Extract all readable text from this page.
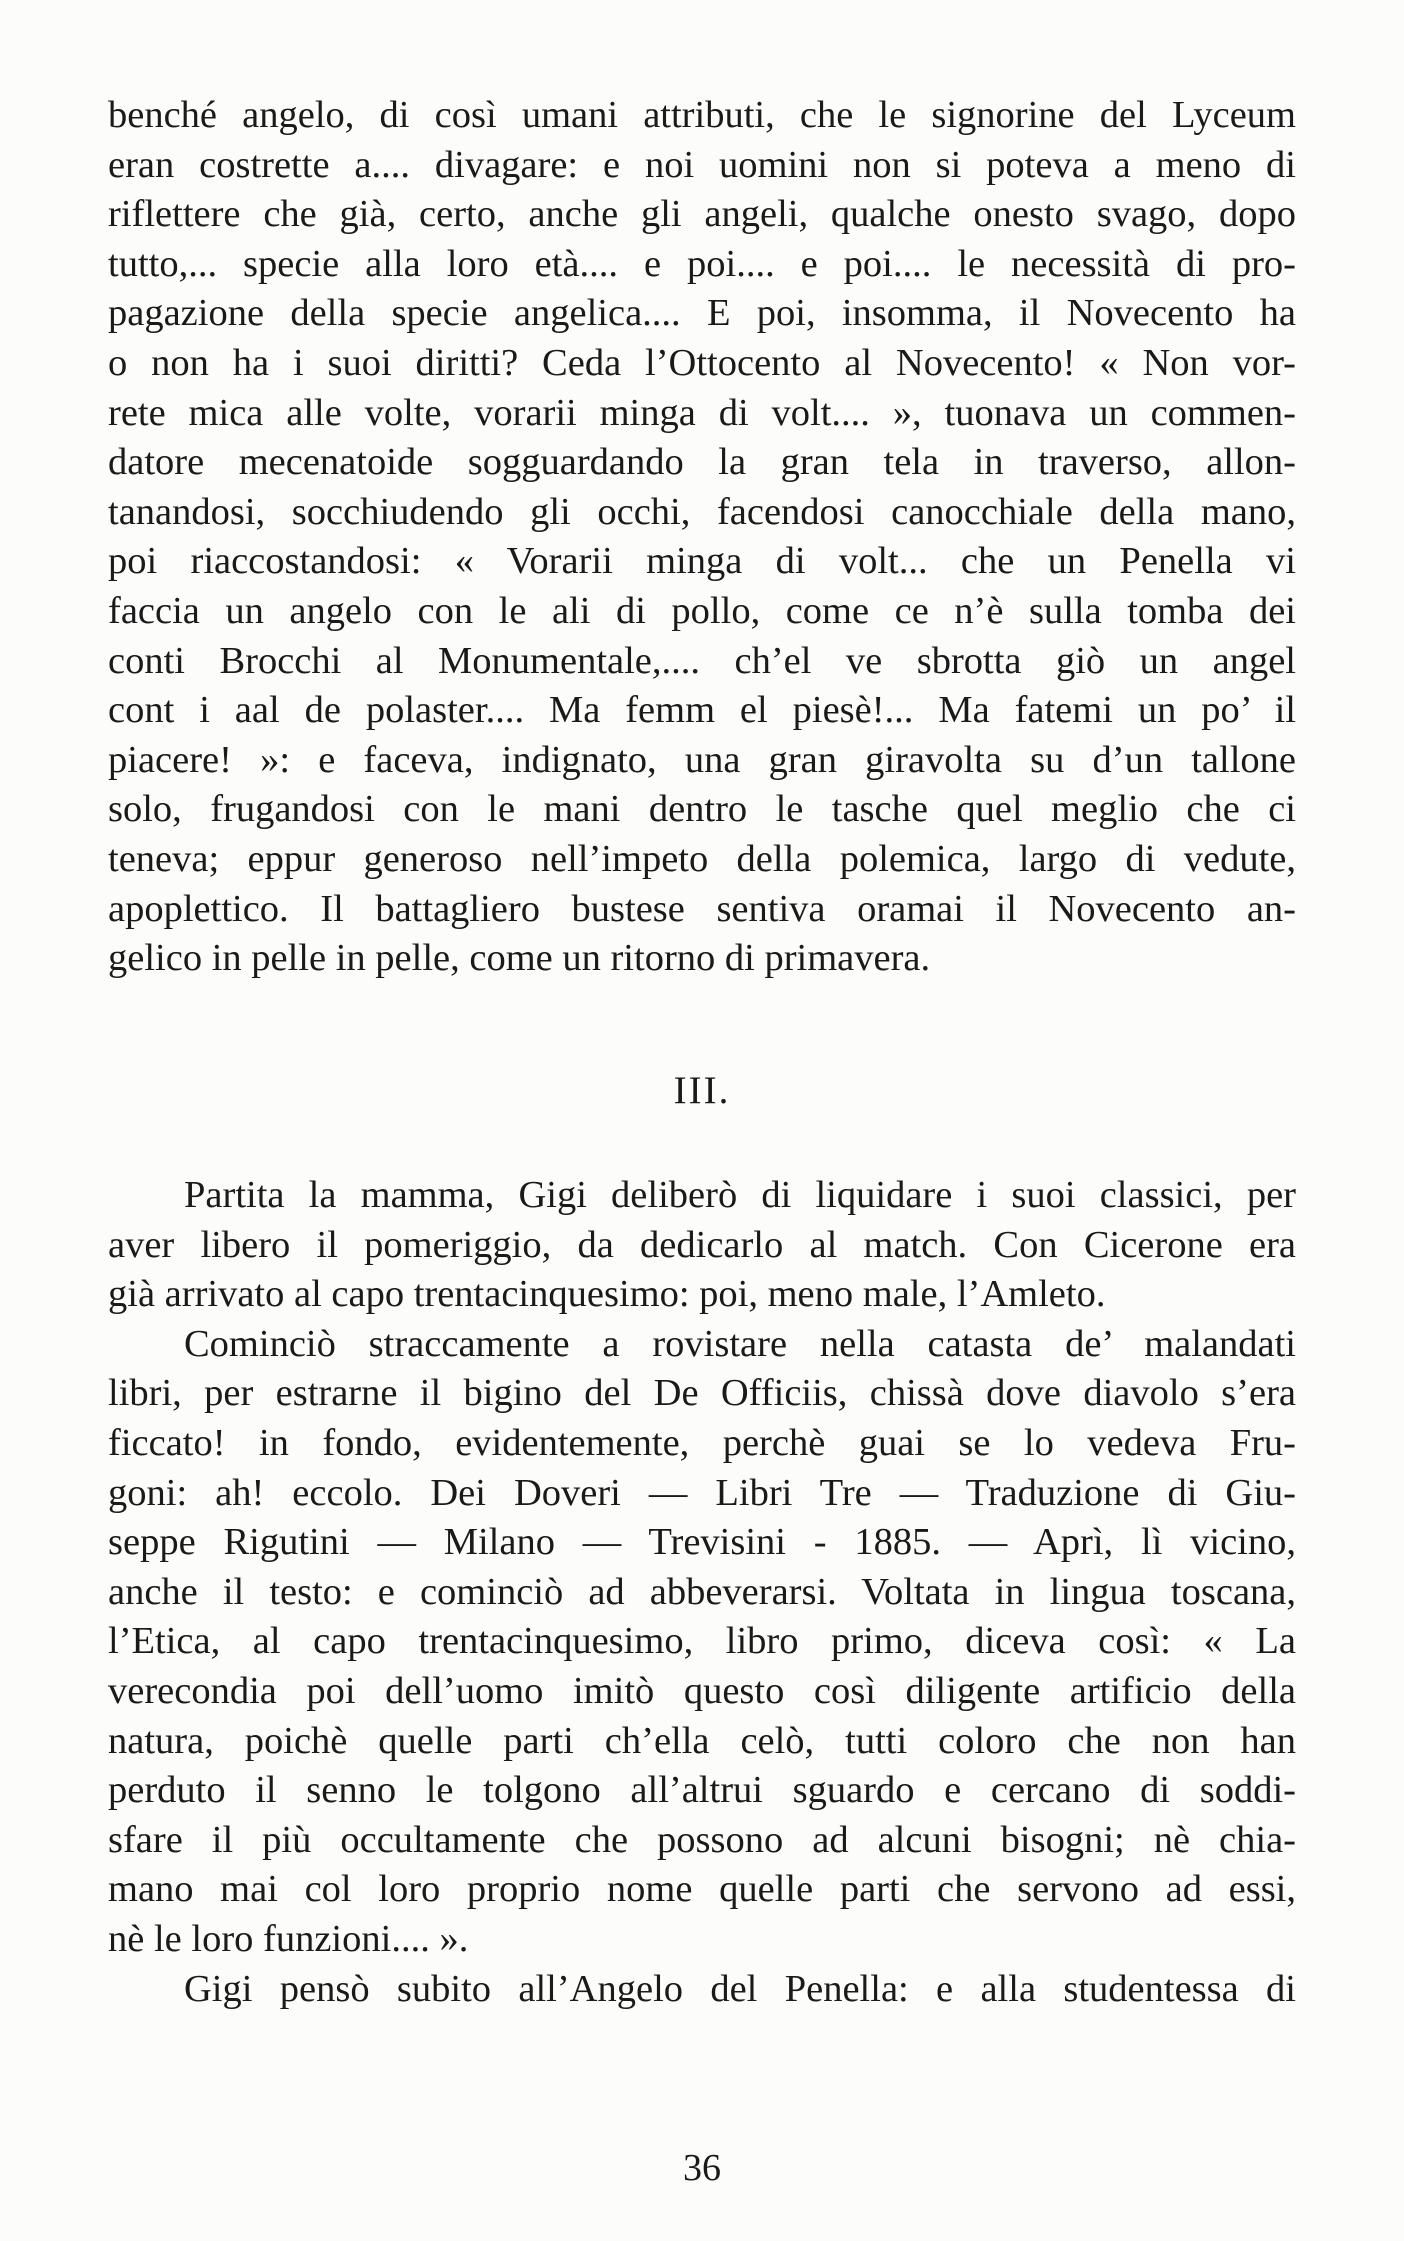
benché angelo, di così umani attributi, che le signorine del Lyceum
eran costrette a.... divagare: e noi uomini non si poteva a meno di
riflettere che già, certo, anche gli angeli, qualche onesto svago, dopo
tutto,... specie alla loro età.... e poi.... e poi.... le necessità di pro-
pagazione della specie angelica.... E poi, insomma, il Novecento ha
o non ha i suoi diritti? Ceda l’Ottocento al Novecento! « Non vor-
rete mica alle volte, vorarii minga di volt.... », tuonava un commen-
datore mecenatoide sogguardando la gran tela in traverso, allon-
tanandosi, socchiudendo gli occhi, facendosi canocchiale della mano,
poi riaccostandosi: « Vorarii minga di volt... che un Penella vi
faccia un angelo con le ali di pollo, come ce n’è sulla tomba dei
conti Brocchi al Monumentale,.... ch’el ve sbrotta giò un angel
cont i aal de polaster.... Ma femm el piesè!... Ma fatemi un po’ il
piacere! »: e faceva, indignato, una gran giravolta su d’un tallone
solo, frugandosi con le mani dentro le tasche quel meglio che ci
teneva; eppur generoso nell’impeto della polemica, largo di vedute,
apoplettico. Il battagliero bustese sentiva oramai il Novecento an-
gelico in pelle in pelle, come un ritorno di primavera.
III.
Partita la mamma, Gigi deliberò di liquidare i suoi classici, per
aver libero il pomeriggio, da dedicarlo al match. Con Cicerone era
già arrivato al capo trentacinquesimo: poi, meno male, l’Amleto.
Cominciò straccamente a rovistare nella catasta de’ malandati
libri, per estrarne il bigino del De Officiis, chissà dove diavolo s’era
ficcato! in fondo, evidentemente, perchè guai se lo vedeva Fru-
goni: ah! eccolo. Dei Doveri — Libri Tre — Traduzione di Giu-
seppe Rigutini — Milano — Trevisini - 1885. — Aprì, lì vicino,
anche il testo: e cominciò ad abbeverarsi. Voltata in lingua toscana,
l’Etica, al capo trentacinquesimo, libro primo, diceva così: « La
verecondia poi dell’uomo imitò questo così diligente artificio della
natura, poichè quelle parti ch’ella celò, tutti coloro che non han
perduto il senno le tolgono all’altrui sguardo e cercano di soddi-
sfare il più occultamente che possono ad alcuni bisogni; nè chia-
mano mai col loro proprio nome quelle parti che servono ad essi,
nè le loro funzioni.... ».
Gigi pensò subito all’Angelo del Penella: e alla studentessa di
36
